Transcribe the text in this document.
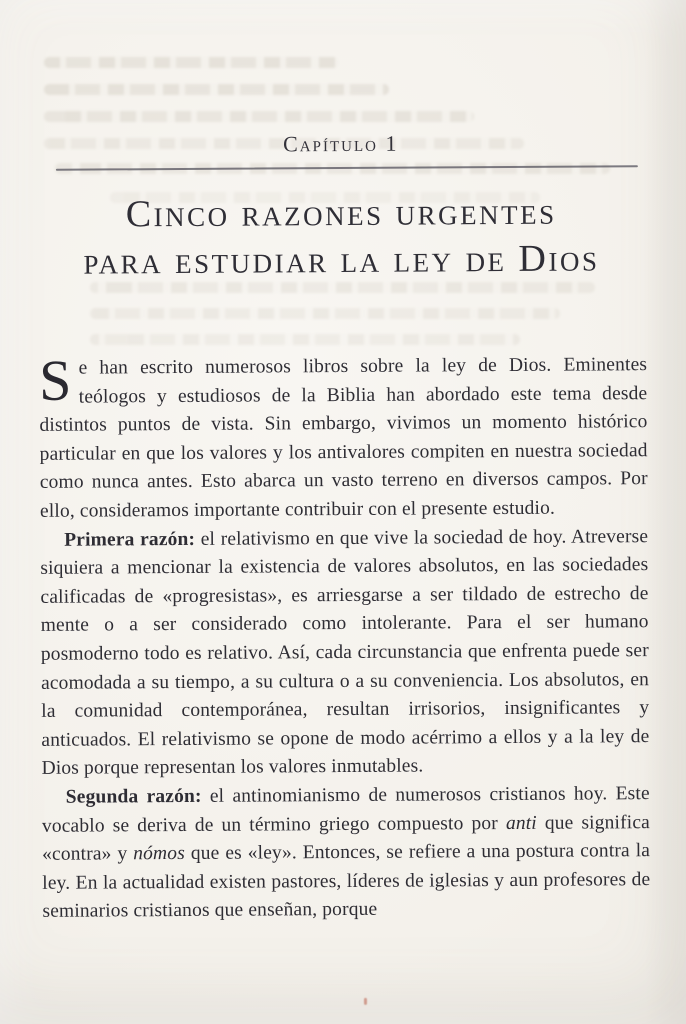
Capítulo 1
Cinco razones urgentes
para estudiar la ley de Dios

Se han escrito numerosos libros sobre la ley de Dios. Eminentes teólogos y estudiosos de la Biblia han abordado este tema desde distintos puntos de vista. Sin embargo, vivimos un momento histórico particular en que los valores y los antivalores compiten en nuestra sociedad como nunca antes. Esto abarca un vasto terreno en diversos campos. Por ello, consideramos importante contribuir con el presente estudio.

Primera razón: el relativismo en que vive la sociedad de hoy. Atreverse siquiera a mencionar la existencia de valores absolutos, en las sociedades calificadas de «progresistas», es arriesgarse a ser tildado de estrecho de mente o a ser considerado como intolerante. Para el ser humano posmoderno todo es relativo. Así, cada circunstancia que enfrenta puede ser acomodada a su tiempo, a su cultura o a su conveniencia. Los absolutos, en la comunidad contemporánea, resultan irrisorios, insignificantes y anticuados. El relativismo se opone de modo acérrimo a ellos y a la ley de Dios porque representan los valores inmutables.

Segunda razón: el antinomianismo de numerosos cristianos hoy. Este vocablo se deriva de un término griego compuesto por anti que significa «contra» y nómos que es «ley». Entonces, se refiere a una postura contra la ley. En la actualidad existen pastores, líderes de iglesias y aun profesores de seminarios cristianos que enseñan, porque
